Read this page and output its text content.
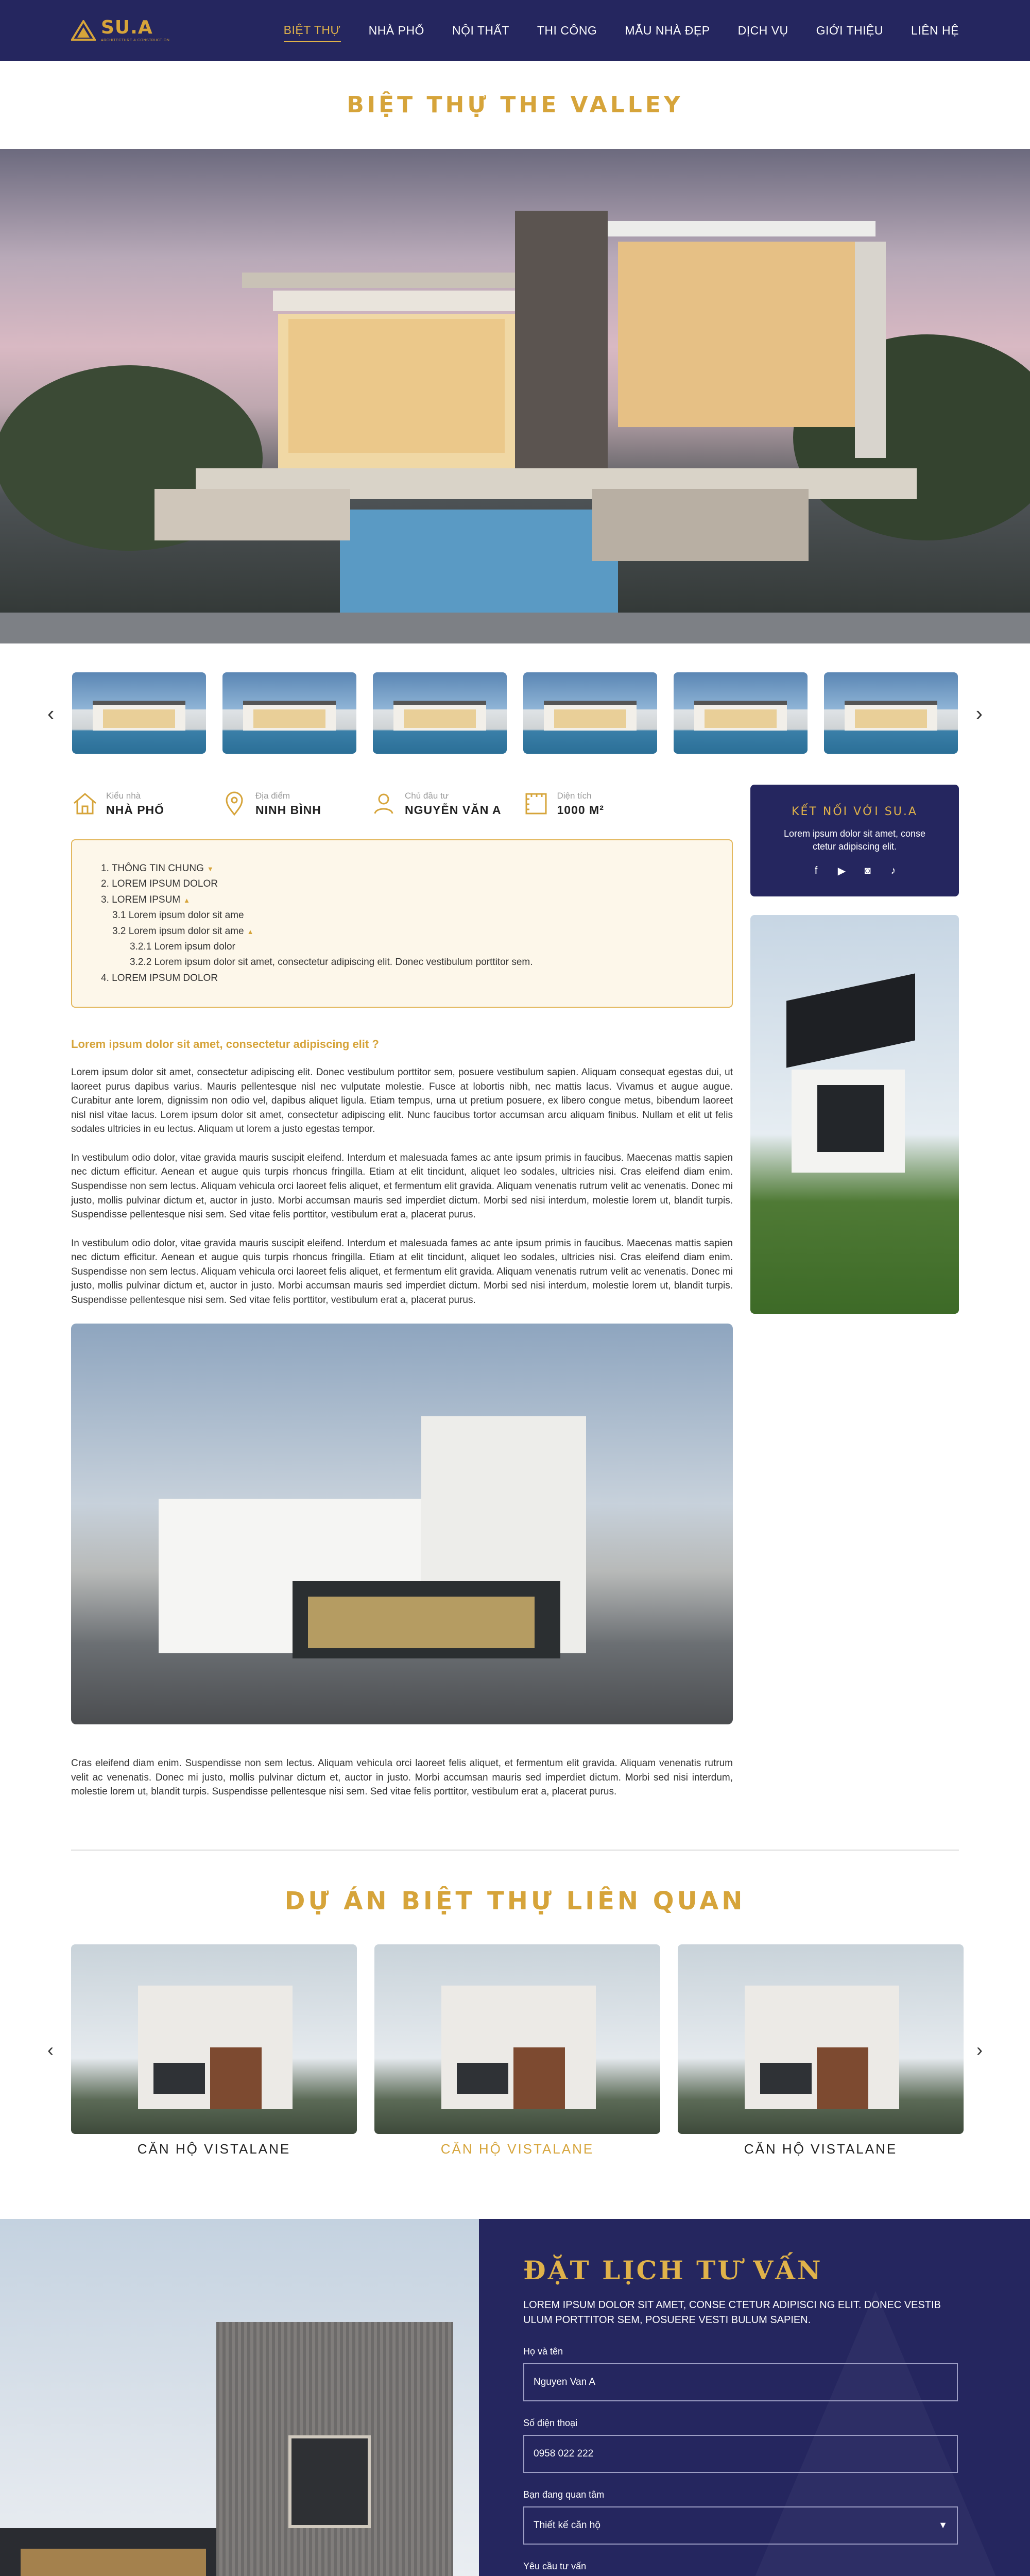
SU.A
ARCHITECTURE & CONSTRUCTION
BIỆT THỰ NHÀ PHỐ NỘI THẤT THI CÔNG MẪU NHÀ ĐẸP DỊCH VỤ GIỚI THIỆU LIÊN HỆ
BIỆT THỰ THE VALLEY
‹	›
Kiểu nhà
NHÀ PHỐ
Địa điểm
NINH BÌNH
Chủ đầu tư
NGUYỄN VĂN A
Diện tích
1000 M²
1. THÔNG TIN CHUNG ▼
2. LOREM IPSUM DOLOR
3. LOREM IPSUM ▲
3.1 Lorem ipsum dolor sit ame
3.2 Lorem ipsum dolor sit ame ▲
3.2.1 Lorem ipsum dolor
3.2.2 Lorem ipsum dolor sit amet, consectetur adipiscing elit. Donec vestibulum porttitor sem.
4. LOREM IPSUM DOLOR
Lorem ipsum dolor sit amet, consectetur adipiscing elit ?

Lorem ipsum dolor sit amet, consectetur adipiscing elit. Donec vestibulum porttitor sem, posuere vestibulum sapien. Aliquam consequat egestas dui, ut laoreet purus dapibus varius. Mauris pellentesque nisl nec vulputate molestie. Fusce at lobortis nibh, nec mattis lacus. Vivamus et augue augue. Curabitur ante lorem, dignissim non odio vel, dapibus aliquet ligula. Etiam tempus, urna ut pretium posuere, ex libero congue metus, bibendum laoreet nisl nisl vitae lacus. Lorem ipsum dolor sit amet, consectetur adipiscing elit. Nunc faucibus tortor accumsan arcu aliquam finibus. Nullam et elit ut felis sodales ultricies in eu lectus. Aliquam ut lorem a justo egestas tempor.

In vestibulum odio dolor, vitae gravida mauris suscipit eleifend. Interdum et malesuada fames ac ante ipsum primis in faucibus. Maecenas mattis sapien nec dictum efficitur. Aenean et augue quis turpis rhoncus fringilla. Etiam at elit tincidunt, aliquet leo sodales, ultricies nisi. Cras eleifend diam enim. Suspendisse non sem lectus. Aliquam vehicula orci laoreet felis aliquet, et fermentum elit gravida. Aliquam venenatis rutrum velit ac venenatis. Donec mi justo, mollis pulvinar dictum et, auctor in justo. Morbi accumsan mauris sed imperdiet dictum. Morbi sed nisi interdum, molestie lorem ut, blandit turpis. Suspendisse pellentesque nisi sem. Sed vitae felis porttitor, vestibulum erat a, placerat purus.

In vestibulum odio dolor, vitae gravida mauris suscipit eleifend. Interdum et malesuada fames ac ante ipsum primis in faucibus. Maecenas mattis sapien nec dictum efficitur. Aenean et augue quis turpis rhoncus fringilla. Etiam at elit tincidunt, aliquet leo sodales, ultricies nisi. Cras eleifend diam enim. Suspendisse non sem lectus. Aliquam vehicula orci laoreet felis aliquet, et fermentum elit gravida. Aliquam venenatis rutrum velit ac venenatis. Donec mi justo, mollis pulvinar dictum et, auctor in justo. Morbi accumsan mauris sed imperdiet dictum. Morbi sed nisi interdum, molestie lorem ut, blandit turpis. Suspendisse pellentesque nisi sem. Sed vitae felis porttitor, vestibulum erat a, placerat purus.

Cras eleifend diam enim. Suspendisse non sem lectus. Aliquam vehicula orci laoreet felis aliquet, et fermentum elit gravida. Aliquam venenatis rutrum velit ac venenatis. Donec mi justo, mollis pulvinar dictum et, auctor in justo. Morbi accumsan mauris sed imperdiet dictum. Morbi sed nisi interdum, molestie lorem ut, blandit turpis. Suspendisse pellentesque nisi sem. Sed vitae felis porttitor, vestibulum erat a, placerat purus.

KẾT NỐI VỚI SU.A
Lorem ipsum dolor sit amet, conse ctetur adipiscing elit.
f	▶	◙	♪
DỰ ÁN BIỆT THỰ LIÊN QUAN
‹
CĂN HỘ VISTALANE	CĂN HỘ VISTALANE	CĂN HỘ VISTALANE
›
ĐẶT LỊCH TƯ VẤN
LOREM IPSUM DOLOR SIT AMET, CONSE CTETUR ADIPISCI NG ELIT. DONEC VESTIB ULUM PORTTITOR SEM, POSUERE VESTI BULUM SAPIEN.
Họ và tên
Nguyen Van A
Số điện thoại
0958 022 222
Bạn đang quan tâm
Thiết kế căn hộ	▼
Yêu cầu tư vấn
